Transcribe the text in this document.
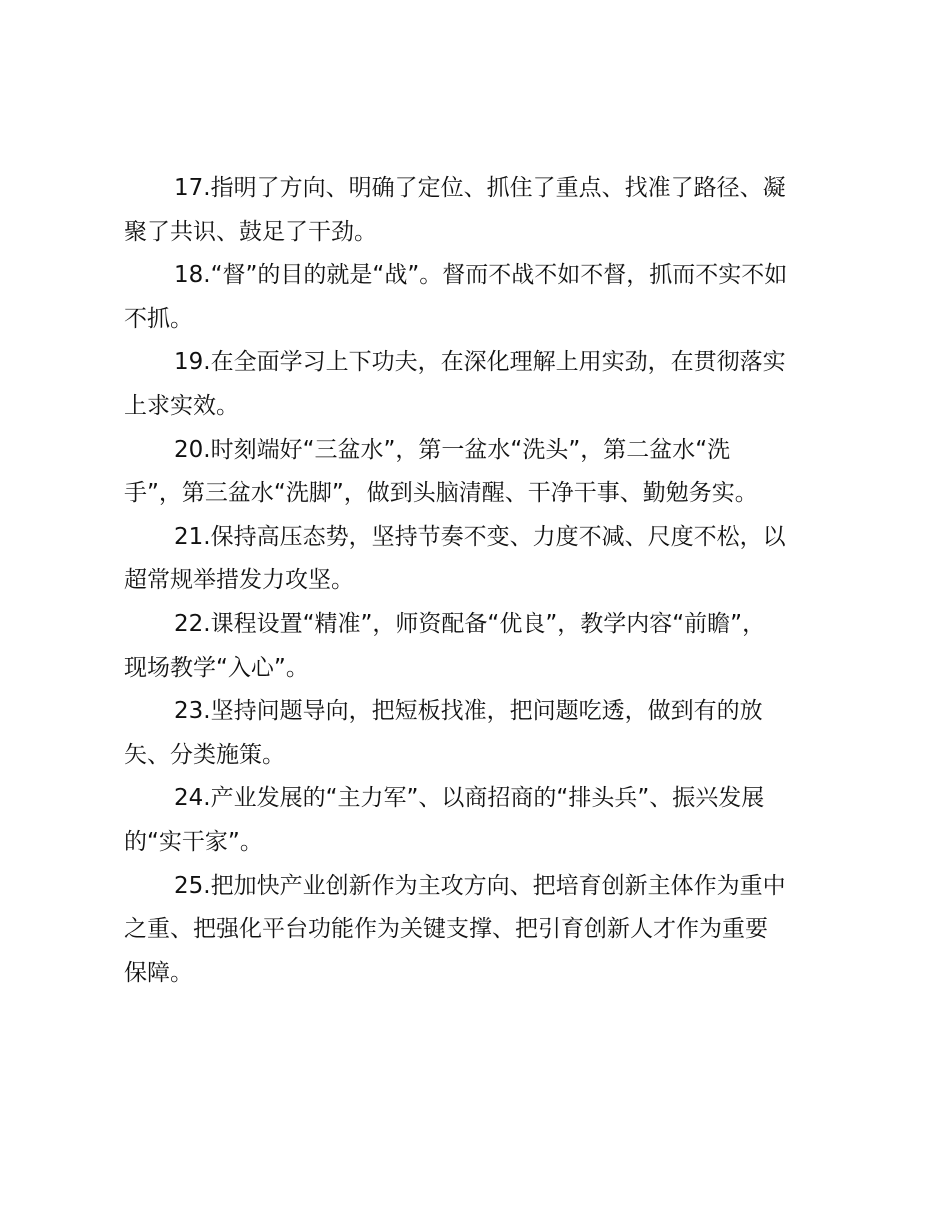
17.指明了方向、明确了定位、抓住了重点、找准了路径、凝
聚了共识、鼓足了干劲。

18.“督”的目的就是“战”。督而不战不如不督，抓而不实不如
不抓。

19.在全面学习上下功夫，在深化理解上用实劲，在贯彻落实
上求实效。

20.时刻端好“三盆水”，第一盆水“洗头”，第二盆水“洗
手”，第三盆水“洗脚”，做到头脑清醒、干净干事、勤勉务实。

21.保持高压态势，坚持节奏不变、力度不减、尺度不松，以
超常规举措发力攻坚。

22.课程设置“精准”，师资配备“优良”，教学内容“前瞻”，
现场教学“入心”。

23.坚持问题导向，把短板找准，把问题吃透，做到有的放
矢、分类施策。

24.产业发展的“主力军”、以商招商的“排头兵”、振兴发展
的“实干家”。

25.把加快产业创新作为主攻方向、把培育创新主体作为重中
之重、把强化平台功能作为关键支撑、把引育创新人才作为重要
保障。
